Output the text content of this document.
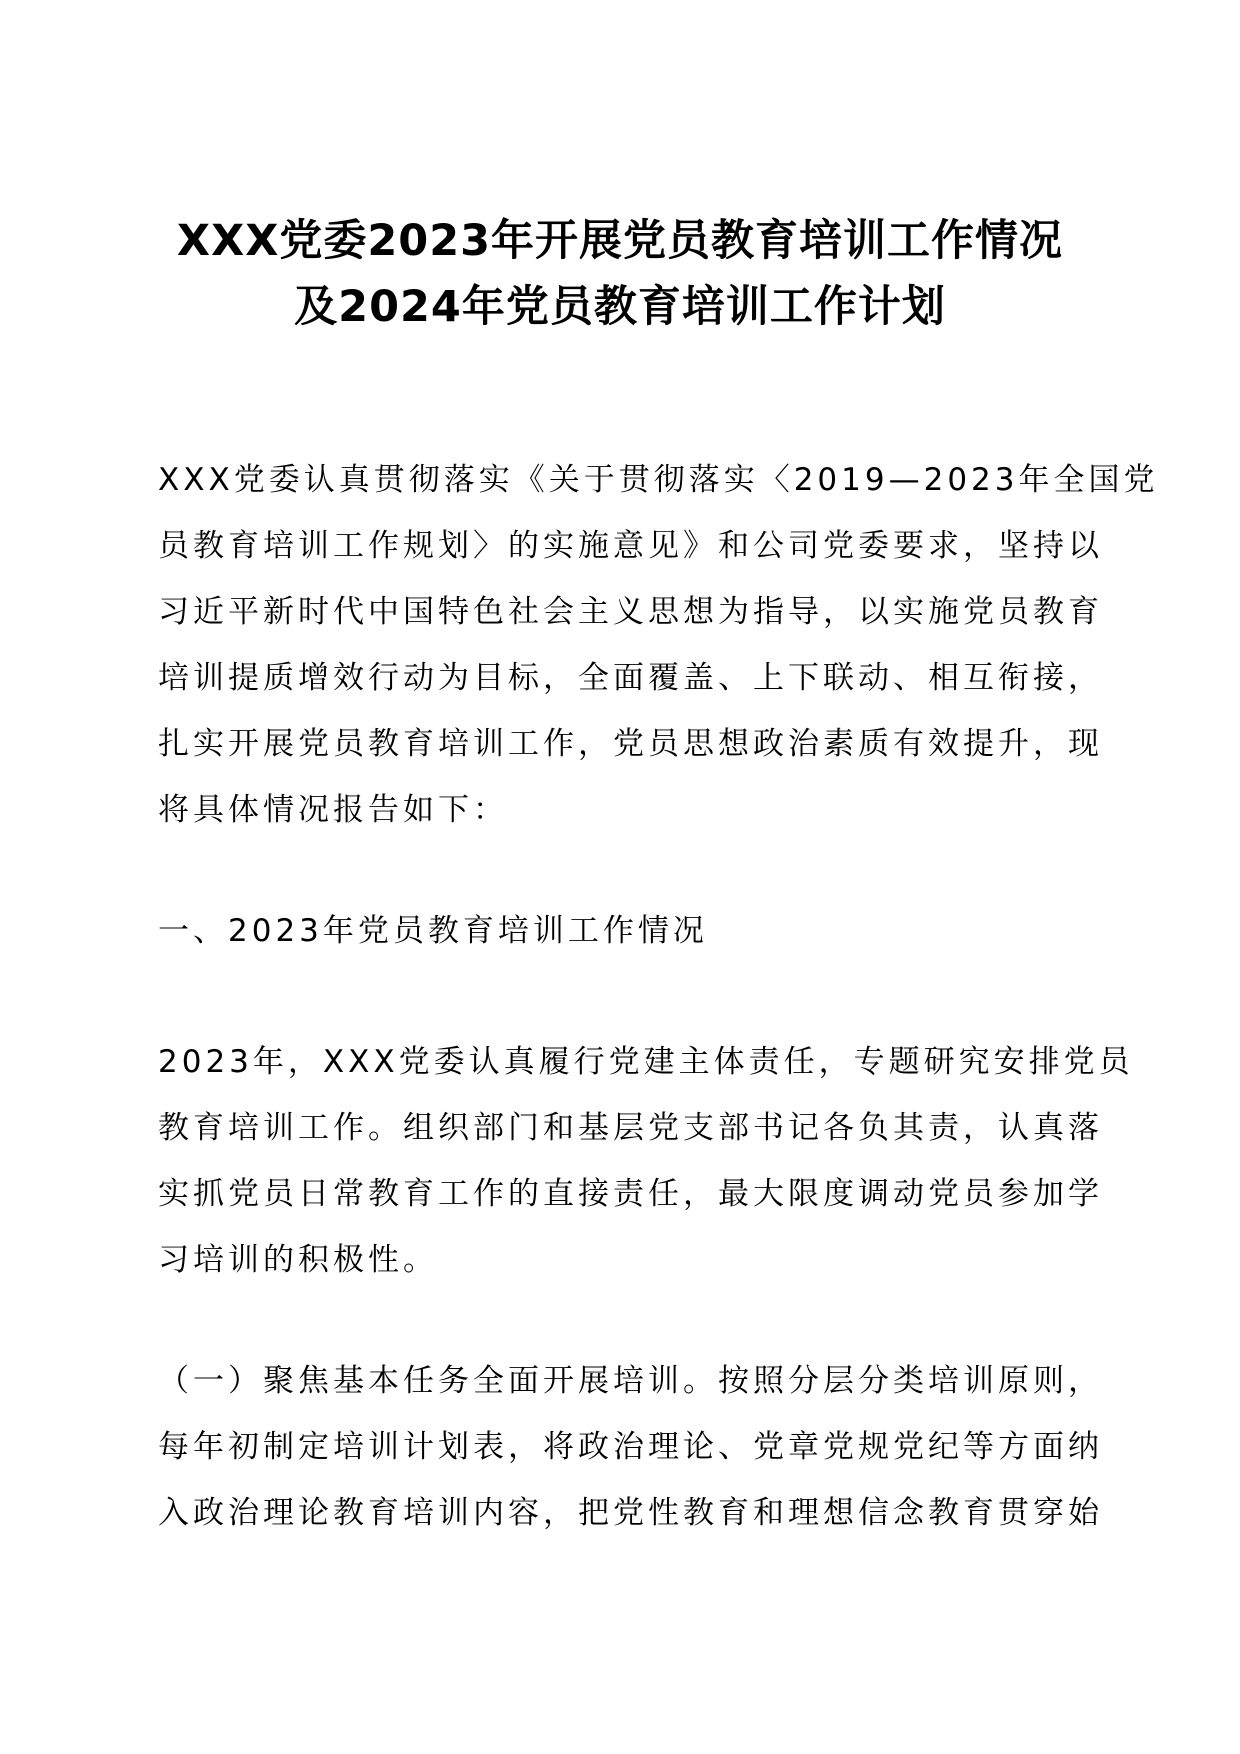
XXX党委2023年开展党员教育培训工作情况
及2024年党员教育培训工作计划

XXX党委认真贯彻落实《关于贯彻落实〈2019—2023年全国党
员教育培训工作规划〉的实施意见》和公司党委要求，坚持以
习近平新时代中国特色社会主义思想为指导，以实施党员教育
培训提质增效行动为目标，全面覆盖、上下联动、相互衔接，
扎实开展党员教育培训工作，党员思想政治素质有效提升，现
将具体情况报告如下：

一、2023年党员教育培训工作情况

2023年，XXX党委认真履行党建主体责任，专题研究安排党员
教育培训工作。组织部门和基层党支部书记各负其责，认真落
实抓党员日常教育工作的直接责任，最大限度调动党员参加学
习培训的积极性。

（一）聚焦基本任务全面开展培训。按照分层分类培训原则，
每年初制定培训计划表，将政治理论、党章党规党纪等方面纳
入政治理论教育培训内容，把党性教育和理想信念教育贯穿始
